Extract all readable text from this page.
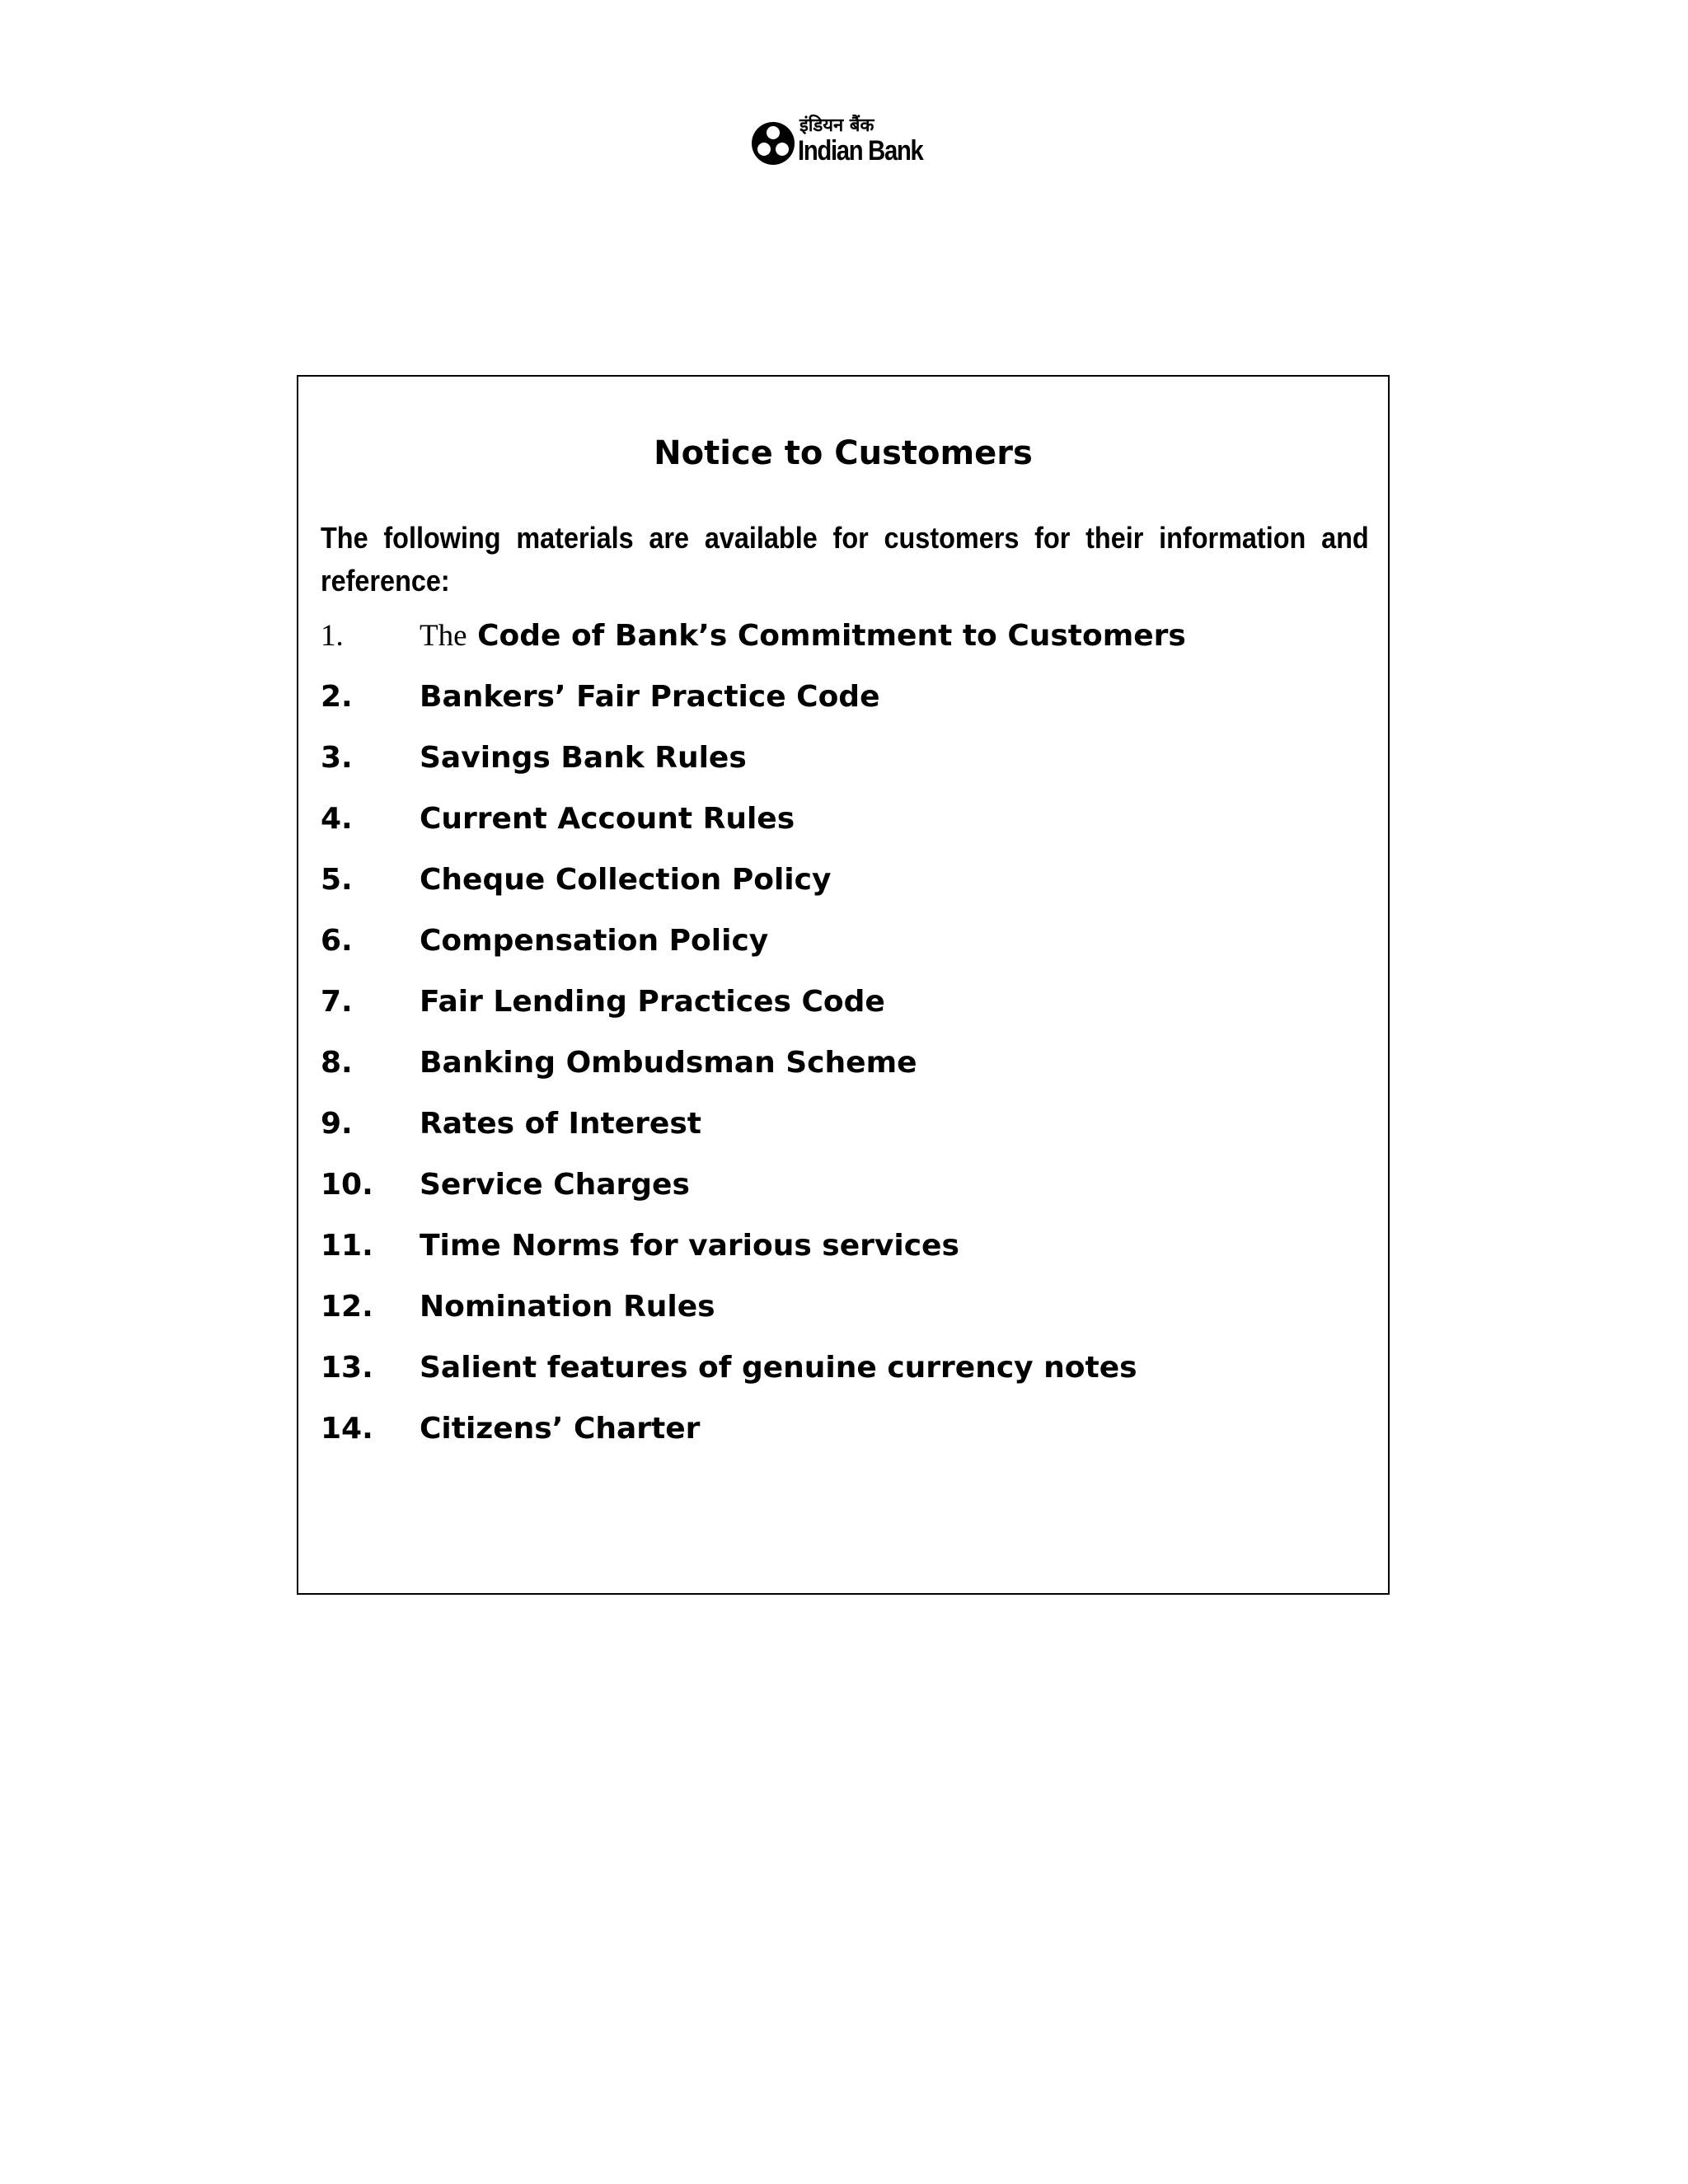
इंडियन बैंक
Indian Bank
Notice to Customers
The following materials are available for customers for their information and reference:
1. The Code of Bank’s Commitment to Customers
2. Bankers’ Fair Practice Code
3. Savings Bank Rules
4. Current Account Rules
5. Cheque Collection Policy
6. Compensation Policy
7. Fair Lending Practices Code
8. Banking Ombudsman Scheme
9. Rates of Interest
10. Service Charges
11. Time Norms for various services
12. Nomination Rules
13. Salient features of genuine currency notes
14. Citizens’ Charter
